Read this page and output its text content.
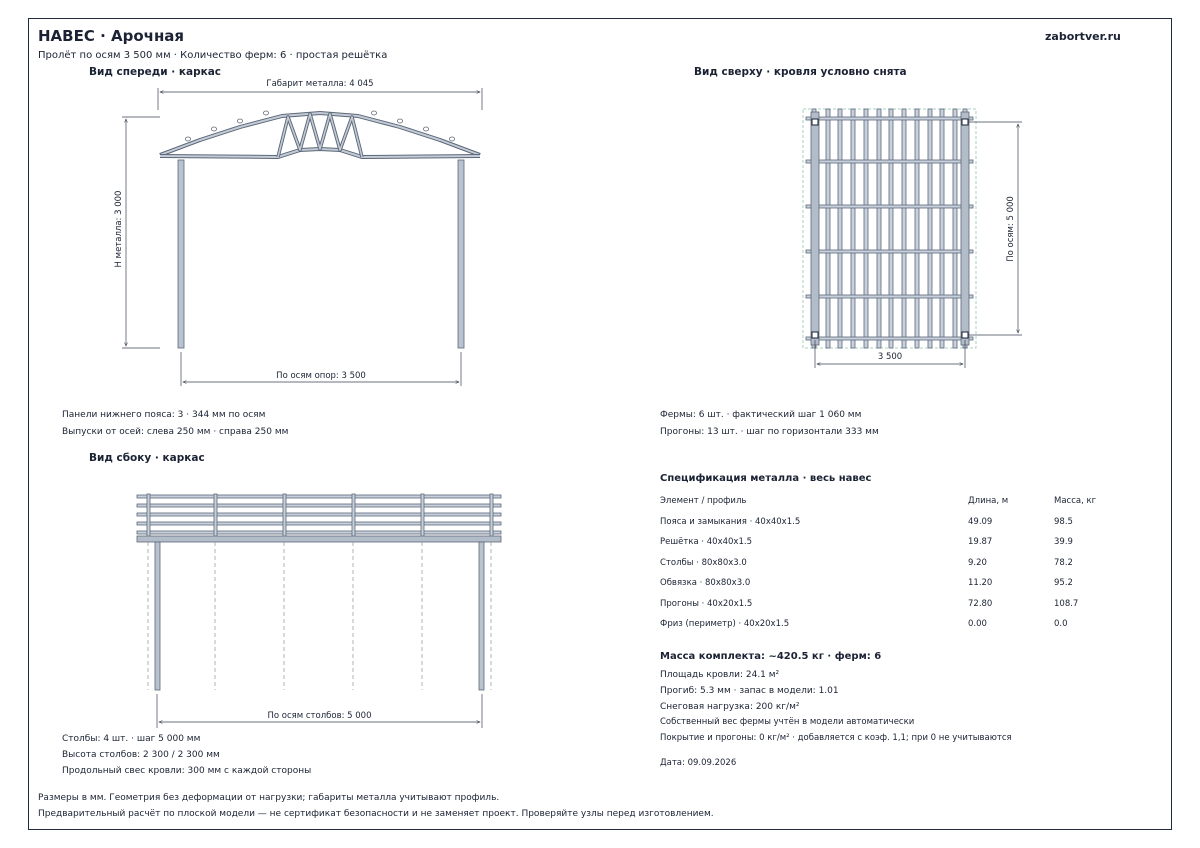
НАВЕС · Арочная
Пролёт по осям 3 500 мм · Количество ферм: 6 · простая решётка
zabortver.ru
Вид спереди · каркас
Габарит металла: 4 045
H металла: 3 000
По осям опор: 3 500
Панели нижнего пояса: 3 · 344 мм по осям
Выпуски от осей: слева 250 мм · справа 250 мм
Вид сверху · кровля условно снята
По осям: 5 000
3 500
Фермы: 6 шт. · фактический шаг 1 060 мм
Прогоны: 13 шт. · шаг по горизонтали 333 мм
Вид сбоку · каркас
По осям столбов: 5 000
Столбы: 4 шт. · шаг 5 000 мм
Высота столбов: 2 300 / 2 300 мм
Продольный свес кровли: 300 мм с каждой стороны
Спецификация металла · весь навес
Элемент / профиль	Длина, м	Масса, кг
Пояса и замыкания · 40x40x1.5	49.09	98.5
Решётка · 40x40x1.5	19.87	39.9
Столбы · 80x80x3.0	9.20	78.2
Обвязка · 80x80x3.0	11.20	95.2
Прогоны · 40x20x1.5	72.80	108.7
Фриз (периметр) · 40x20x1.5	0.00	0.0
Масса комплекта: ~420.5 кг · ферм: 6
Площадь кровли: 24.1 м²
Прогиб: 5.3 мм · запас в модели: 1.01
Снеговая нагрузка: 200 кг/м²
Собственный вес фермы учтён в модели автоматически
Покрытие и прогоны: 0 кг/м² · добавляется с коэф. 1,1; при 0 не учитываются
Дата: 09.09.2026
Размеры в мм. Геометрия без деформации от нагрузки; габариты металла учитывают профиль.
Предварительный расчёт по плоской модели — не сертификат безопасности и не заменяет проект. Проверяйте узлы перед изготовлением.
